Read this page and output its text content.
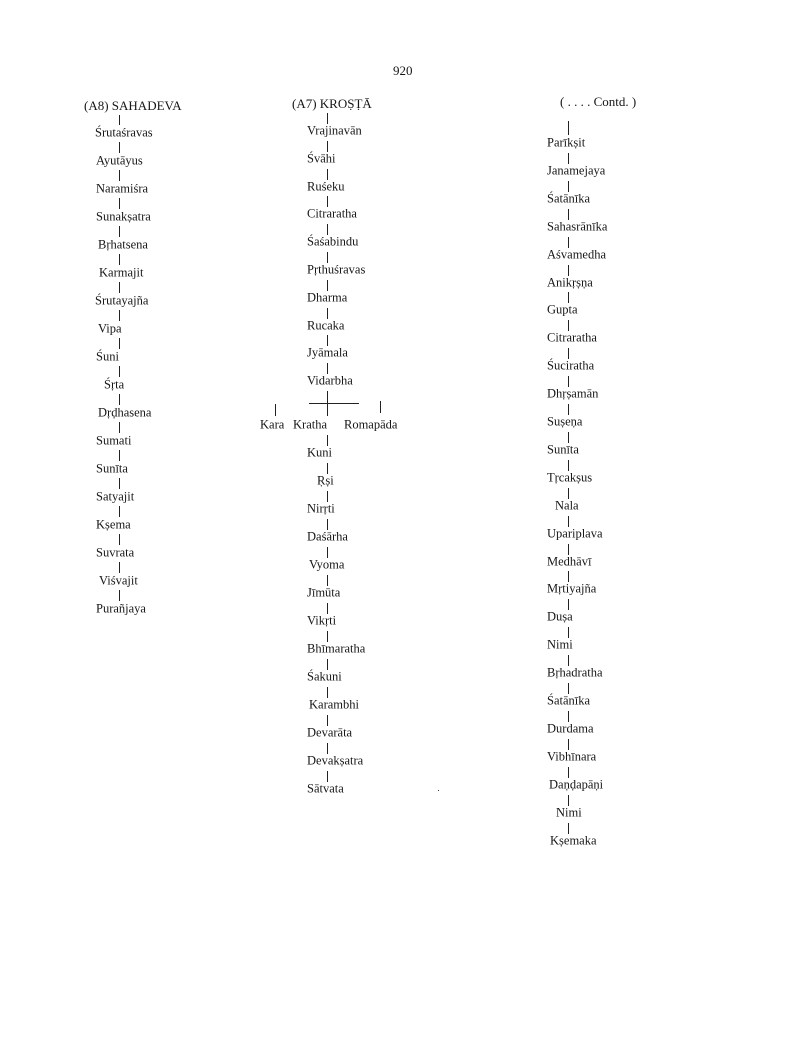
920
(A8) SAHADEVA	(A7) KROṢṬĀ	( . . . . Contd. )
Śrutaśravas
Ayutāyus
Naramiśra
Sunakṣatra
Bṛhatsena
Karmajit
Śrutayajña
Vipa
Śuni
Śṛta
Dṛḍhasena
Sumati
Sunīta
Satyajit
Kṣema
Suvrata
Viśvajit
Purañjaya
Vrajinavān
Śvāhi
Ruśeku
Citraratha
Śaśabindu
Pṛthuśravas
Dharma
Rucaka
Jyāmala
Vidarbha
Kara Kratha Romapāda
Kuni
Ṛṣi
Nirṛti
Daśārha
Vyoma
Jīmūta
Vikṛti
Bhīmaratha
Śakuni
Karambhi
Devarāta
Devakṣatra
Sātvata
Parīkṣit
Janamejaya
Śatānīka
Sahasrānīka
Aśvamedha
Anikṛṣṇa
Gupta
Citraratha
Śuciratha
Dhṛṣamān
Suṣeṇa
Sunīta
Tṛcakṣus
Nala
Upariplava
Medhāvī
Mṛtiyajña
Duṣa
Nimi
Bṛhadratha
Śatānīka
Durdama
Vibhīnara
Daṇḍapāṇi
Nimi
Kṣemaka
